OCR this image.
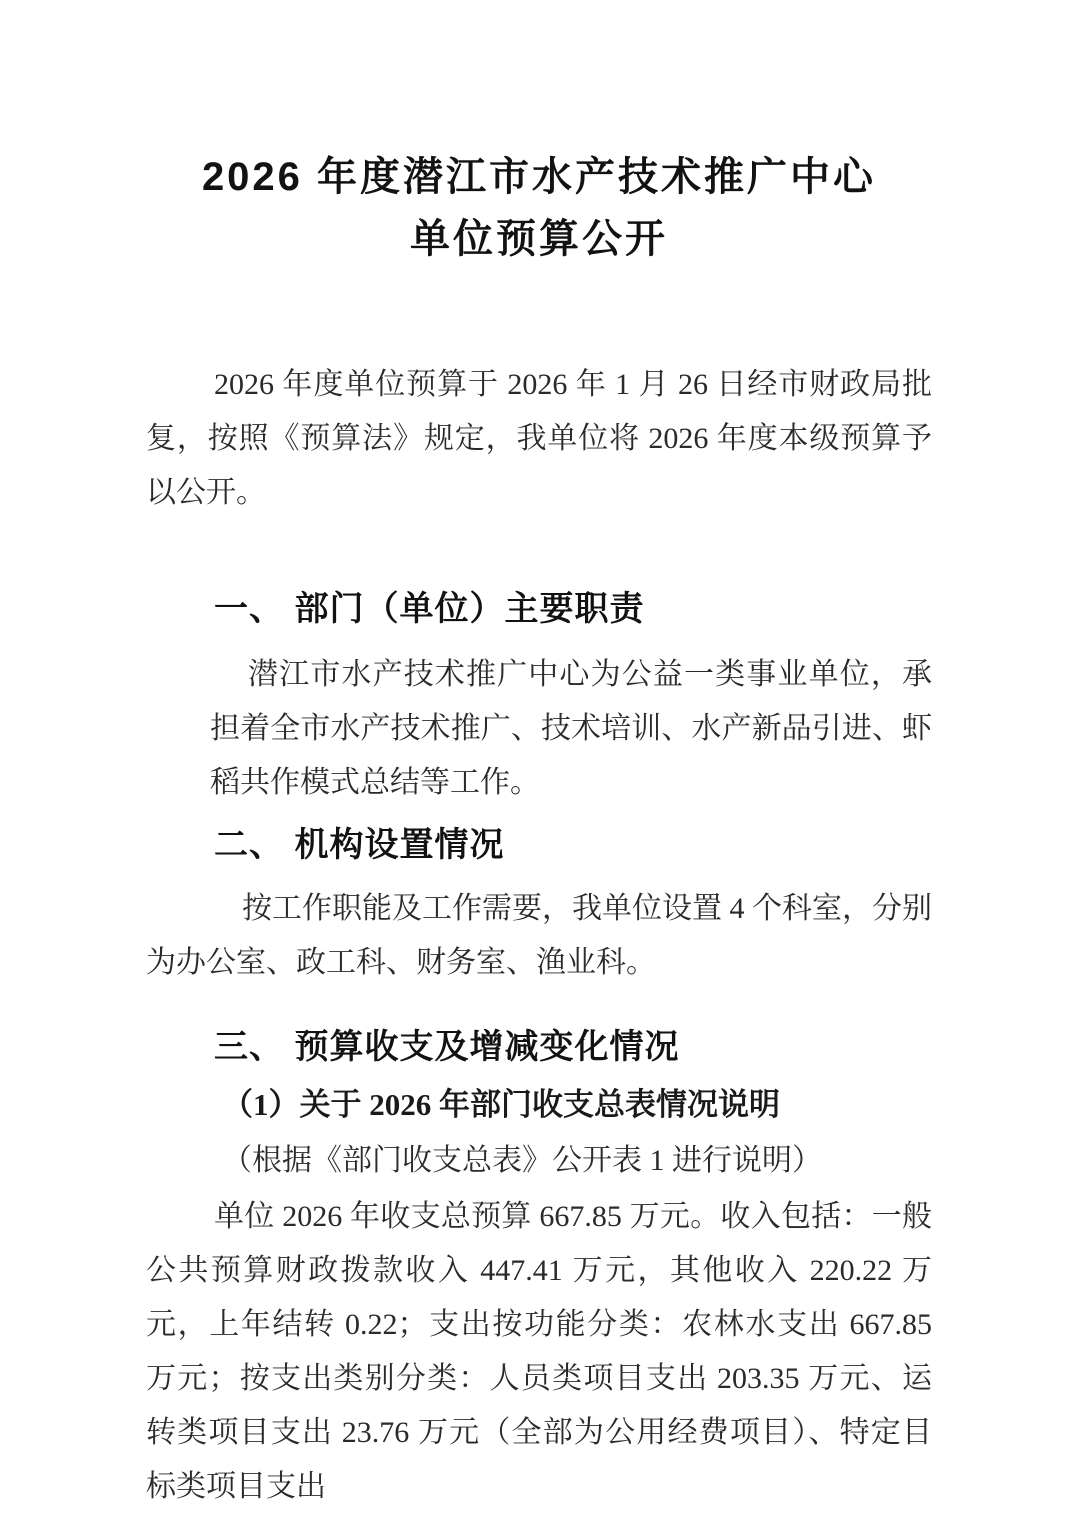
2026 年度潜江市水产技术推广中心
单位预算公开

2026 年度单位预算于 2026 年 1 月 26 日经市财政局批复，按照《预算法》规定，我单位将 2026 年度本级预算予以公开。

一、 部门（单位）主要职责

潜江市水产技术推广中心为公益一类事业单位，承担着全市水产技术推广、技术培训、水产新品引进、虾稻共作模式总结等工作。

二、 机构设置情况

按工作职能及工作需要，我单位设置 4 个科室，分别为办公室、政工科、财务室、渔业科。

三、 预算收支及增减变化情况
（1）关于 2026 年部门收支总表情况说明

（根据《部门收支总表》公开表 1 进行说明）

单位 2026 年收支总预算 667.85 万元。收入包括：一般公共预算财政拨款收入 447.41 万元，其他收入 220.22 万元，上年结转 0.22；支出按功能分类：农林水支出 667.85 万元；按支出类别分类：人员类项目支出 203.35 万元、运转类项目支出 23.76 万元（全部为公用经费项目）、特定目标类项目支出
